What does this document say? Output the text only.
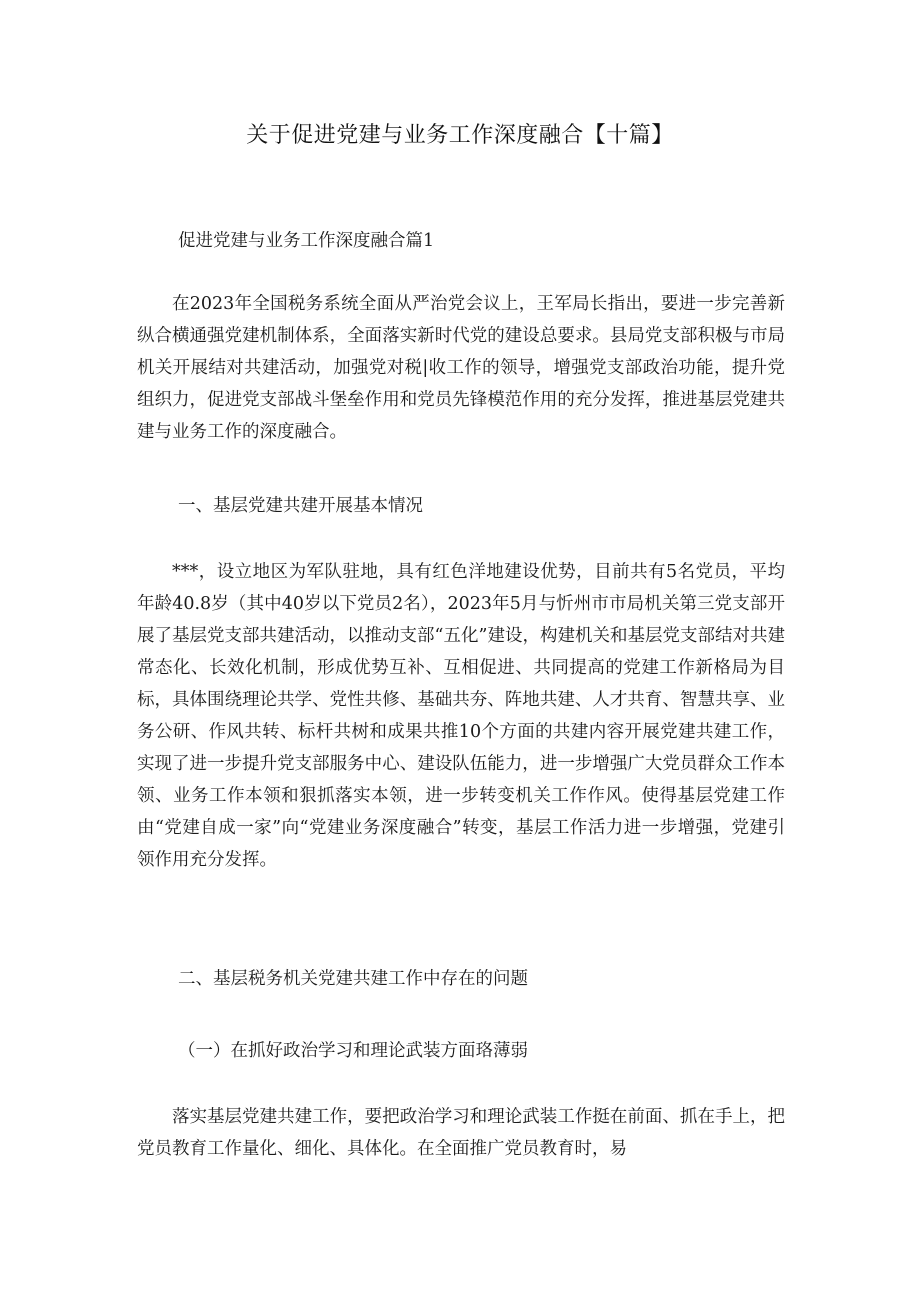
关于促进党建与业务工作深度融合【十篇】

促进党建与业务工作深度融合篇1

在2023年全国税务系统全面从严治党会议上，王军局长指出，要进一步完善新纵合横通强党建机制体系，全面落实新时代党的建设总要求。县局党支部积极与市局机关开展结对共建活动，加强党对税|收工作的领导，增强党支部政治功能，提升党组织力，促进党支部战斗堡垒作用和党员先锋模范作用的充分发挥，推进基层党建共建与业务工作的深度融合。

一、基层党建共建开展基本情况

***，设立地区为军队驻地，具有红色洋地建设优势，目前共有5名党员，平均年龄40.8岁（其中40岁以下党员2名），2023年5月与忻州市市局机关第三党支部开展了基层党支部共建活动，以推动支部“五化”建设，构建机关和基层党支部结对共建常态化、长效化机制，形成优势互补、互相促进、共同提高的党建工作新格局为目标，具体围绕理论共学、党性共修、基础共夯、阵地共建、人才共育、智慧共享、业务公研、作风共转、标杆共树和成果共推10个方面的共建内容开展党建共建工作，实现了进一步提升党支部服务中心、建设队伍能力，进一步增强广大党员群众工作本领、业务工作本领和狠抓落实本领，进一步转变机关工作作风。使得基层党建工作由“党建自成一家”向“党建业务深度融合”转变，基层工作活力进一步增强，党建引领作用充分发挥。

二、基层税务机关党建共建工作中存在的问题

（一）在抓好政治学习和理论武装方面珞薄弱

落实基层党建共建工作，要把政治学习和理论武装工作挺在前面、抓在手上，把党员教育工作量化、细化、具体化。在全面推广党员教育时，易
